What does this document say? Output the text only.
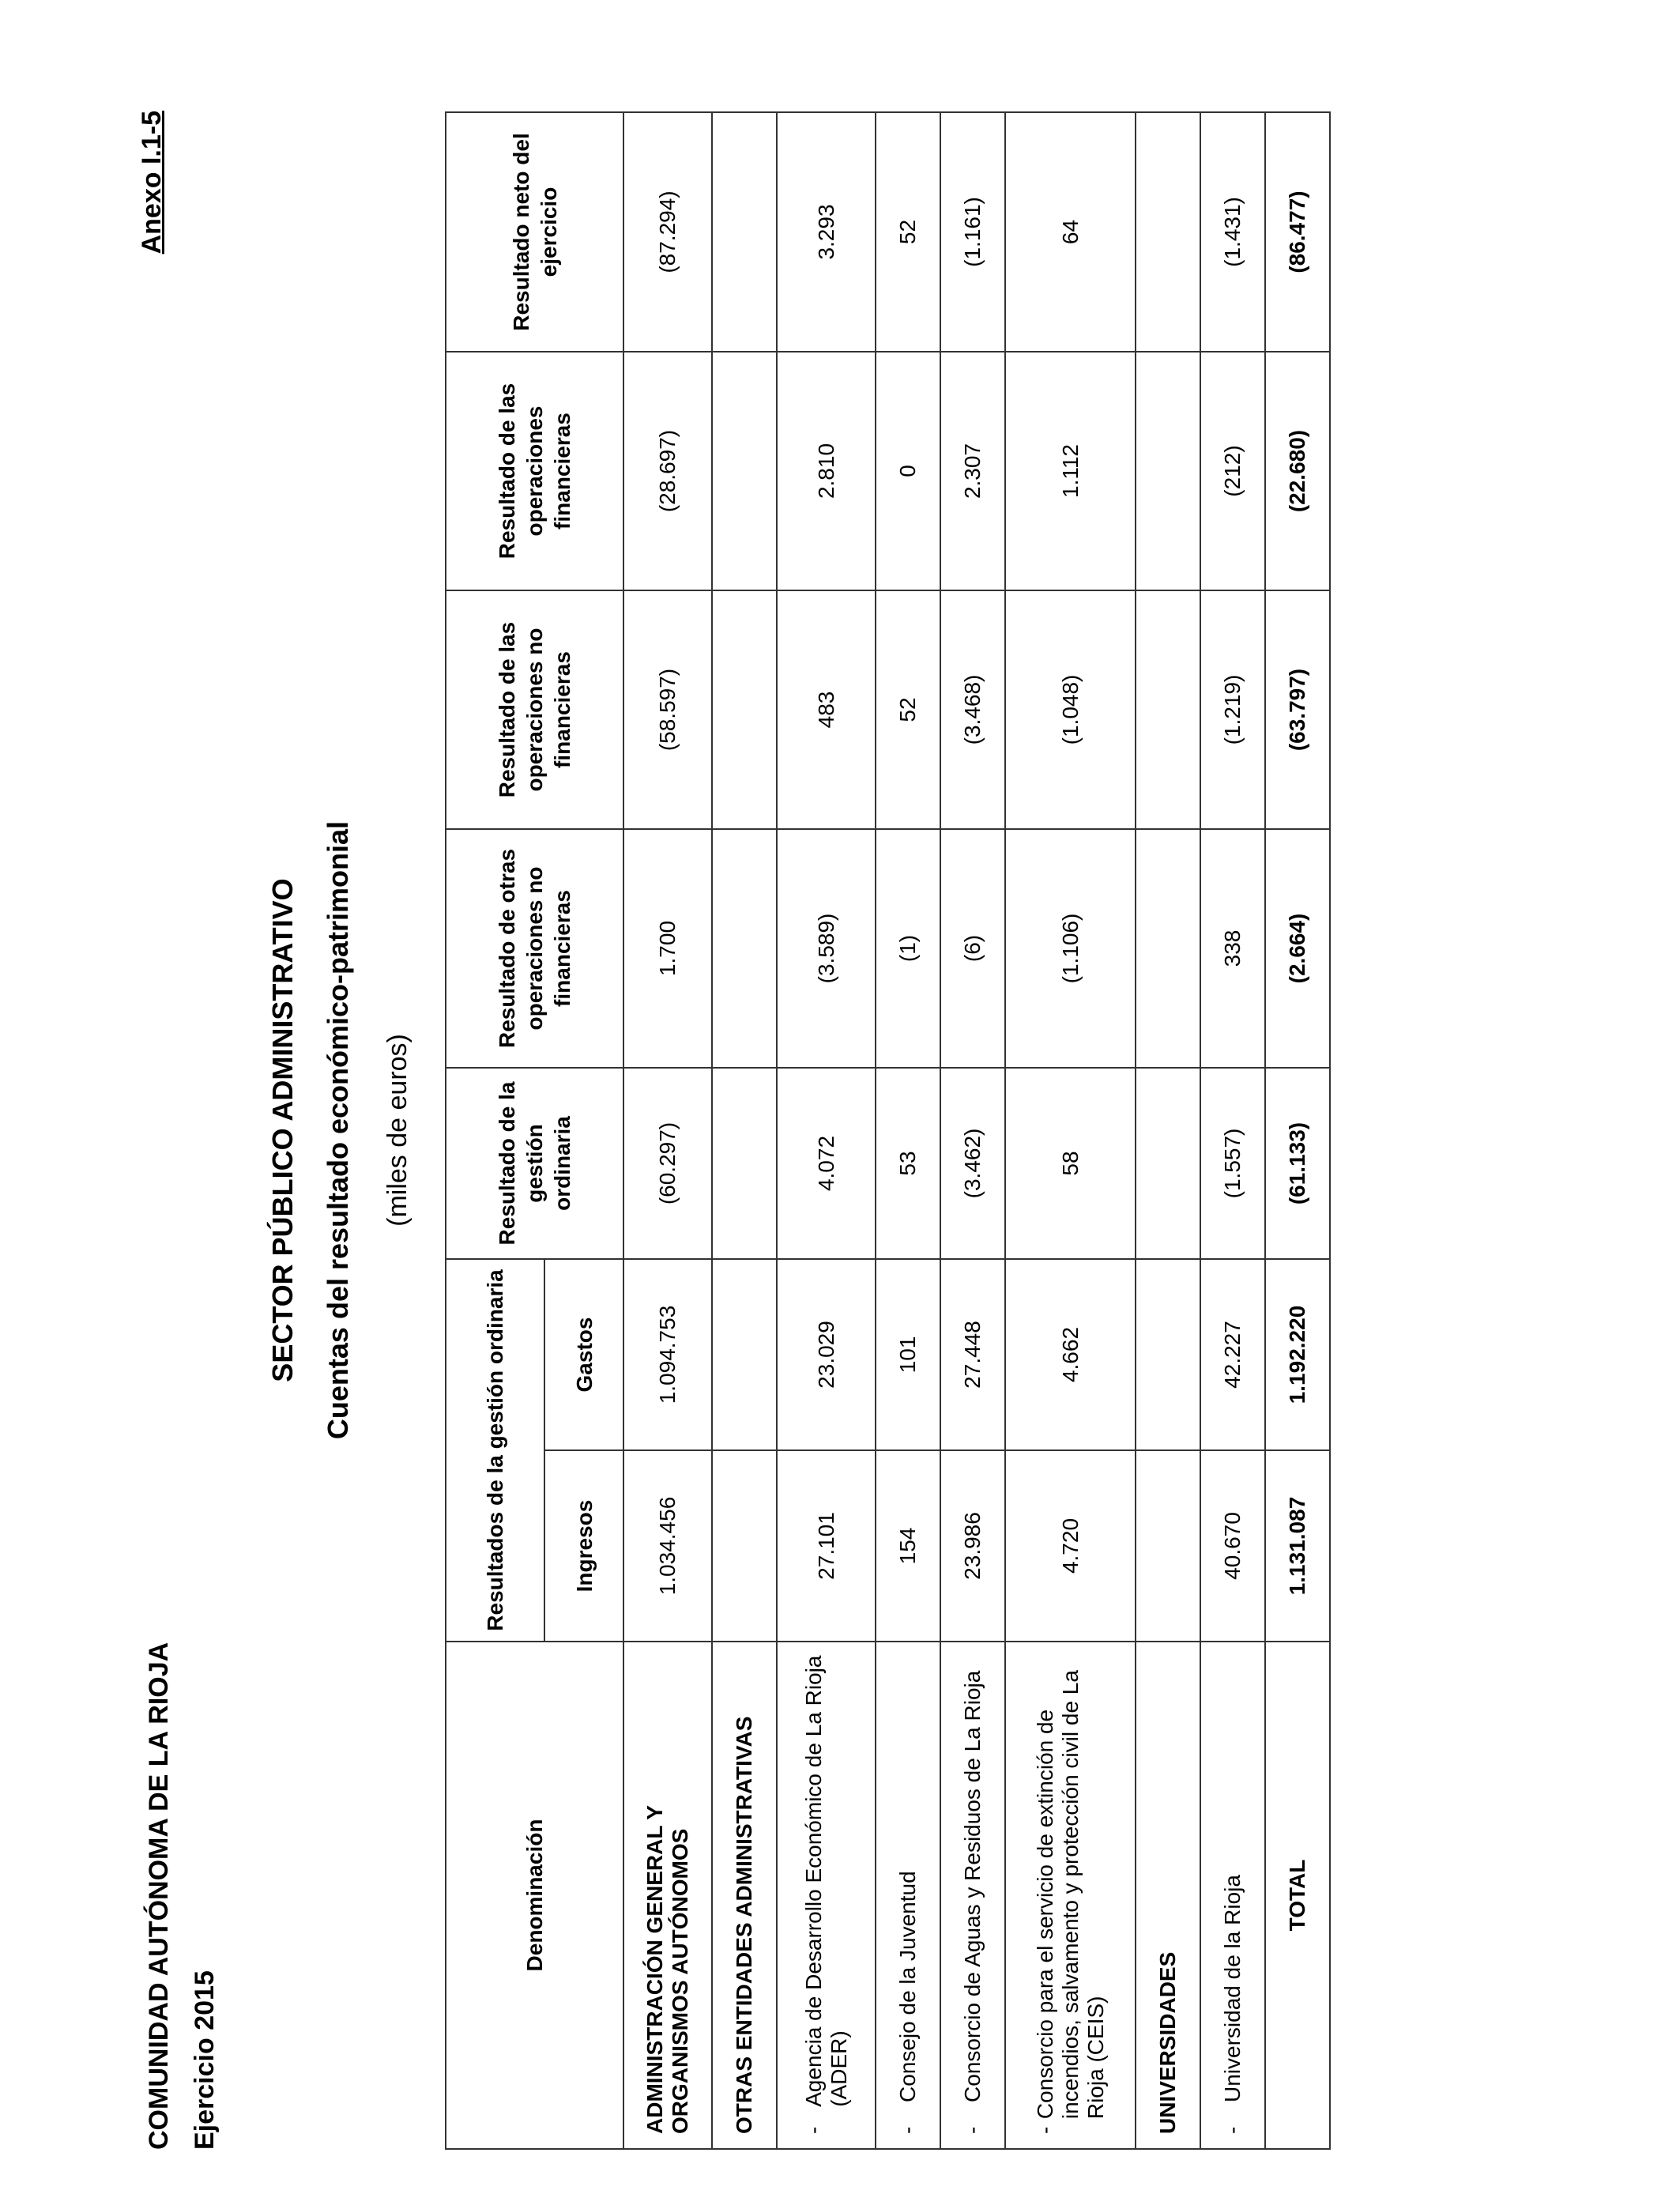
COMUNIDAD AUTÓNOMA DE LA RIOJA Ejercicio 2015
Anexo I.1-5
SECTOR PÚBLICO ADMINISTRATIVO Cuentas del resultado económico-patrimonial	(miles de euros)
Denominación	Resultados de la gestión ordinaria		Resultado de la gestión ordinaria	Resultado de otras operaciones no financieras	Resultado de las operaciones no financieras	Resultado de las operaciones financieras	Resultado neto del ejercicio
	Ingresos	Gastos					
ADMINISTRACIÓN GENERAL Y ORGANISMOS AUTÓNOMOS	1.034.456	1.094.753	(60.297)	1.700	(58.597)	(28.697)	(87.294)
OTRAS ENTIDADES ADMINISTRATIVAS							

-
Agencia de Desarrollo Económico de La Rioja (ADER)	27.101	23.029	4.072	(3.589)	483	2.810	3.293

-
Consejo de la Juventud	154	101	53	(1)	52	0	52

-
Consorcio de Aguas y Residuos de La Rioja	23.986	27.448	(3.462)	(6)	(3.468)	2.307	(1.161)

-
Consorcio para el servicio de extinción de incendios, salvamento y protección civil de La Rioja (CEIS)	4.720	4.662	58	(1.106)	(1.048)	1.112	64
UNIVERSIDADES							

-
Universidad de la Rioja	40.670	42.227	(1.557)	338	(1.219)	(212)	(1.431)
TOTAL	1.131.087	1.192.220	(61.133)	(2.664)	(63.797)	(22.680)	(86.477)
